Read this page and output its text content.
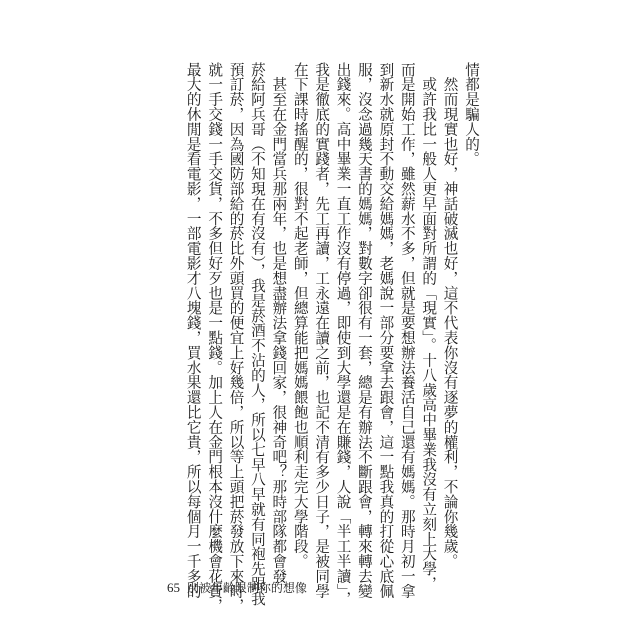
情都是騙人的。

　然而現實也好，神話破滅也好，這不代表你沒有逐夢的權利，不論你幾歲。

　或許我比一般人更早面對所謂的「現實」。十八歲高中畢業我沒有立刻上大學，

而是開始工作，雖然薪水不多，但就是要想辦法養活自己還有媽媽。那時月初一拿

到新水就原封不動交給媽媽，老媽說一部分要拿去跟會，這一點我真的打從心底佩

服，沒念過幾天書的媽媽，對數字卻很有一套，總是有辦法不斷跟會，轉來轉去變

出錢來。高中畢業一直工作沒有停過，即使到大學還是在賺錢，人說「半工半讀」，

我是徹底的實踐者，先工再讀，工永遠在讀之前，也記不清有多少日子，是被同學

在下課時搖醒的，很對不起老師，但總算能把媽媽餵飽也順利走完大學階段。

　甚至在金門當兵那兩年，也是想盡辦法拿錢回家，很神奇吧？那時部隊都會發

菸給阿兵哥（不知現在有沒有），我是菸酒不沾的人，所以七早八早就有同袍先跟我

預訂菸，因為國防部給的菸比外頭買的便宜上好幾倍，所以等上頭把菸發放下來時，

就一手交錢一手交貨，不多但好歹也是一點錢。加上人在金門根本沒什麼機會花費，

最大的休閒是看電影，一部電影才八塊錢，買水果還比它貴，所以每個月一千多的

65 別被年齡限制你的想像
